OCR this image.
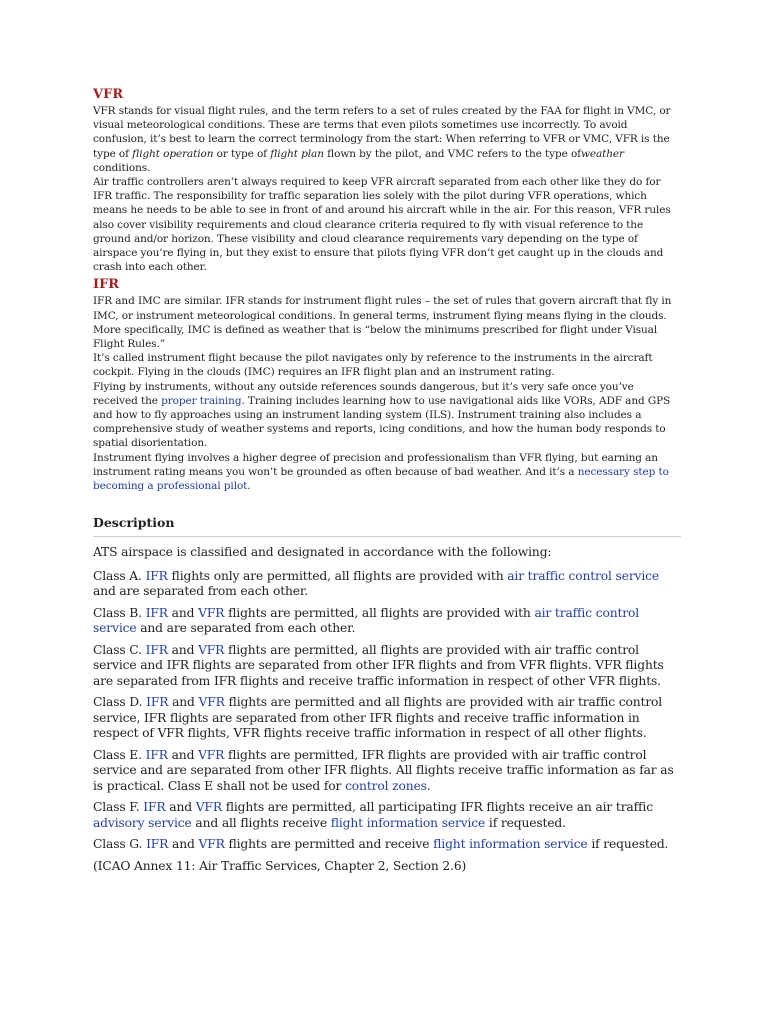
VFR

VFR stands for visual flight rules, and the term refers to a set of rules created by the FAA for flight in VMC, or visual meteorological conditions. These are terms that even pilots sometimes use incorrectly. To avoid confusion, it’s best to learn the correct terminology from the start: When referring to VFR or VMC, VFR is the type of flight operation or type of flight plan flown by the pilot, and VMC refers to the type ofweather conditions.

Air traffic controllers aren’t always required to keep VFR aircraft separated from each other like they do for IFR traffic. The responsibility for traffic separation lies solely with the pilot during VFR operations, which means he needs to be able to see in front of and around his aircraft while in the air. For this reason, VFR rules also cover visibility requirements and cloud clearance criteria required to fly with visual reference to the ground and/or horizon. These visibility and cloud clearance requirements vary depending on the type of airspace you’re flying in, but they exist to ensure that pilots flying VFR don’t get caught up in the clouds and crash into each other.

IFR

IFR and IMC are similar. IFR stands for instrument flight rules – the set of rules that govern aircraft that fly in IMC, or instrument meteorological conditions. In general terms, instrument flying means flying in the clouds. More specifically, IMC is defined as weather that is “below the minimums prescribed for flight under Visual Flight Rules.”

It’s called instrument flight because the pilot navigates only by reference to the instruments in the aircraft cockpit. Flying in the clouds (IMC) requires an IFR flight plan and an instrument rating.

Flying by instruments, without any outside references sounds dangerous, but it’s very safe once you’ve received the proper training. Training includes learning how to use navigational aids like VORs, ADF and GPS and how to fly approaches using an instrument landing system (ILS). Instrument training also includes a comprehensive study of weather systems and reports, icing conditions, and how the human body responds to spatial disorientation.

Instrument flying involves a higher degree of precision and professionalism than VFR flying, but earning an instrument rating means you won’t be grounded as often because of bad weather. And it’s a necessary step to becoming a professional pilot.

Description

ATS airspace is classified and designated in accordance with the following:

Class A. IFR flights only are permitted, all flights are provided with air traffic control service and are separated from each other.

Class B. IFR and VFR flights are permitted, all flights are provided with air traffic control service and are separated from each other.

Class C. IFR and VFR flights are permitted, all flights are provided with air traffic control service and IFR flights are separated from other IFR flights and from VFR flights. VFR flights are separated from IFR flights and receive traffic information in respect of other VFR flights.

Class D. IFR and VFR flights are permitted and all flights are provided with air traffic control service, IFR flights are separated from other IFR flights and receive traffic information in respect of VFR flights, VFR flights receive traffic information in respect of all other flights.

Class E. IFR and VFR flights are permitted, IFR flights are provided with air traffic control service and are separated from other IFR flights. All flights receive traffic information as far as is practical. Class E shall not be used for control zones.

Class F. IFR and VFR flights are permitted, all participating IFR flights receive an air traffic advisory service and all flights receive flight information service if requested.

Class G. IFR and VFR flights are permitted and receive flight information service if requested.

(ICAO Annex 11: Air Traffic Services, Chapter 2, Section 2.6)
